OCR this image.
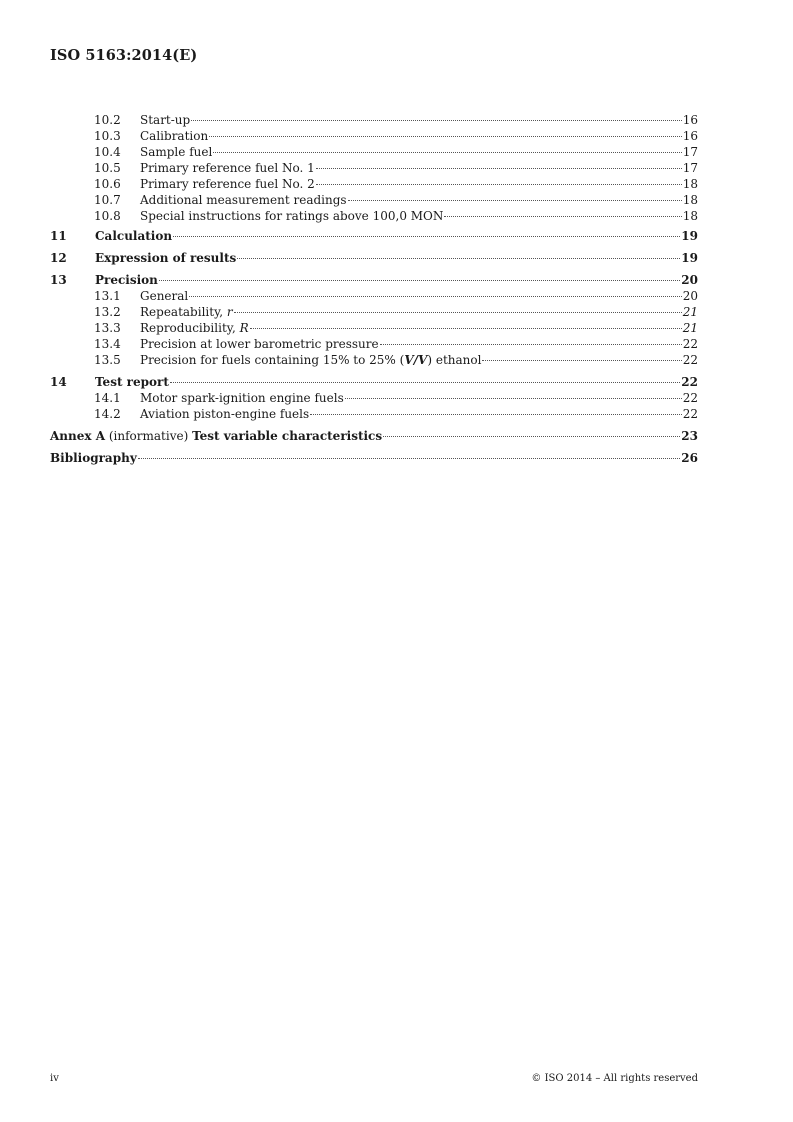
ISO 5163:2014(E)
10.2	Start-up	16
10.3	Calibration	16
10.4	Sample fuel	17
10.5	Primary reference fuel No. 1	17
10.6	Primary reference fuel No. 2	18
10.7	Additional measurement readings	18
10.8	Special instructions for ratings above 100,0 MON	18
11	Calculation	19
12	Expression of results	19
13	Precision	20
13.1	General	20
13.2	Repeatability, r	21
13.3	Reproducibility, R	21
13.4	Precision at lower barometric pressure	22
13.5	Precision for fuels containing 15% to 25% (V/V) ethanol	22
14	Test report	22
14.1	Motor spark-ignition engine fuels	22
14.2	Aviation piston-engine fuels	22
Annex A (informative) Test variable characteristics	23
Bibliography	26
iv	© ISO 2014 – All rights reserved
